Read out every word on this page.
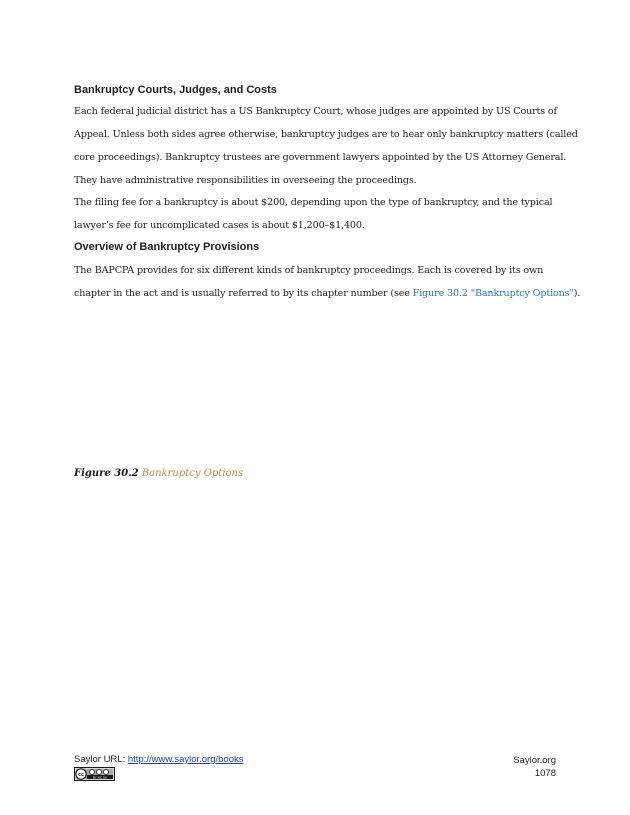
Bankruptcy Courts, Judges, and Costs
Each federal judicial district has a US Bankruptcy Court, whose judges are appointed by US Courts of
Appeal. Unless both sides agree otherwise, bankruptcy judges are to hear only bankruptcy matters (called
core proceedings). Bankruptcy trustees are government lawyers appointed by the US Attorney General.
They have administrative responsibilities in overseeing the proceedings.
The filing fee for a bankruptcy is about $200, depending upon the type of bankruptcy, and the typical
lawyer’s fee for uncomplicated cases is about $1,200–$1,400.
Overview of Bankruptcy Provisions
The BAPCPA provides for six different kinds of bankruptcy proceedings. Each is covered by its own
chapter in the act and is usually referred to by its chapter number (see Figure 30.2 "Bankruptcy Options").
Figure 30.2 Bankruptcy Options
Saylor URL: http://www.saylor.org/books
cc	BY NC SA
Saylor.org
1078
